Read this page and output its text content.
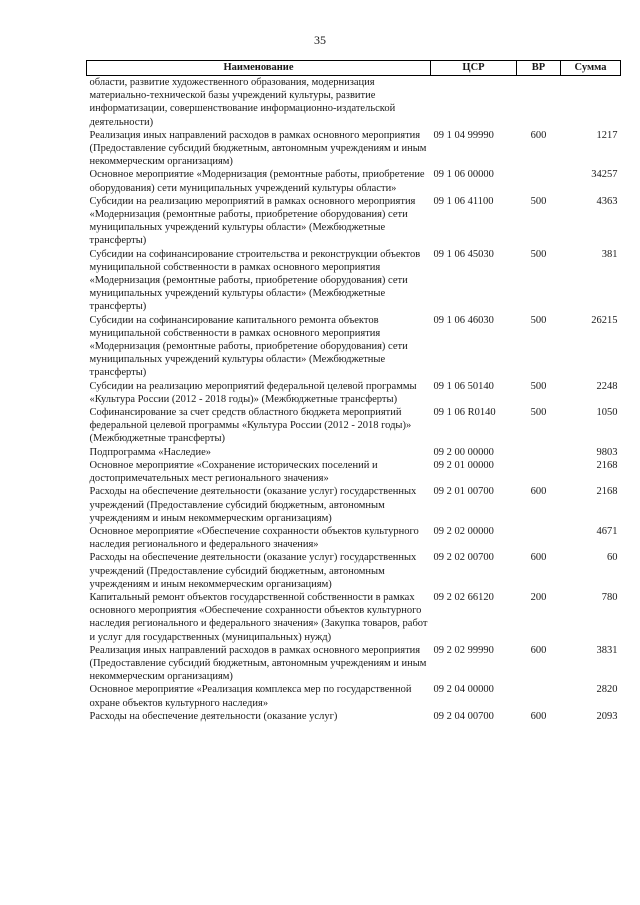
35
Наименование	ЦСР	ВР	Сумма
области, развитие художественного образования, модернизация материально-технической базы учреждений культуры, развитие информатизации, совершенствование информационно-издательской деятельности)			
Реализация иных направлений расходов в рамках основного мероприятия (Предоставление субсидий бюджетным, автономным учреждениям и иным некоммерческим организациям)	09 1 04 99990	600	1217
Основное мероприятие «Модернизация (ремонтные работы, приобретение оборудования) сети муниципальных учреждений культуры области»	09 1 06 00000		34257
Субсидии на реализацию мероприятий в рамках основного мероприятия «Модернизация (ремонтные работы, приобретение оборудования) сети муниципальных учреждений культуры области» (Межбюджетные трансферты)	09 1 06 41100	500	4363
Субсидии на софинансирование строительства и реконструкции объектов муниципальной собственности в рамках основного мероприятия «Модернизация (ремонтные работы, приобретение оборудования) сети муниципальных учреждений культуры области» (Межбюджетные трансферты)	09 1 06 45030	500	381
Субсидии на софинансирование капитального ремонта объектов муниципальной собственности в рамках основного мероприятия «Модернизация (ремонтные работы, приобретение оборудования) сети муниципальных учреждений культуры области» (Межбюджетные трансферты)	09 1 06 46030	500	26215
Субсидии на реализацию мероприятий федеральной целевой программы «Культура России (2012 - 2018 годы)» (Межбюджетные трансферты)	09 1 06 50140	500	2248
Софинансирование за счет средств областного бюджета мероприятий федеральной целевой программы «Культура России (2012 - 2018 годы)» (Межбюджетные трансферты)	09 1 06 R0140	500	1050
Подпрограмма «Наследие»	09 2 00 00000		9803
Основное мероприятие «Сохранение исторических поселений и достопримечательных мест регионального значения»	09 2 01 00000		2168
Расходы на обеспечение деятельности (оказание услуг) государственных учреждений (Предоставление субсидий бюджетным, автономным учреждениям и иным некоммерческим организациям)	09 2 01 00700	600	2168
Основное мероприятие «Обеспечение сохранности объектов культурного наследия регионального и федерального значения»	09 2 02 00000		4671
Расходы на обеспечение деятельности (оказание услуг) государственных учреждений (Предоставление субсидий бюджетным, автономным учреждениям и иным некоммерческим организациям)	09 2 02 00700	600	60
Капитальный ремонт объектов государственной собственности в рамках основного мероприятия «Обеспечение сохранности объектов культурного наследия регионального и федерального значения» (Закупка товаров, работ и услуг для государственных (муниципальных) нужд)	09 2 02 66120	200	780
Реализация иных направлений расходов в рамках основного мероприятия (Предоставление субсидий бюджетным, автономным учреждениям и иным некоммерческим организациям)	09 2 02 99990	600	3831
Основное мероприятие «Реализация комплекса мер по государственной охране объектов культурного наследия»	09 2 04 00000		2820
Расходы на обеспечение деятельности (оказание услуг)	09 2 04 00700	600	2093
